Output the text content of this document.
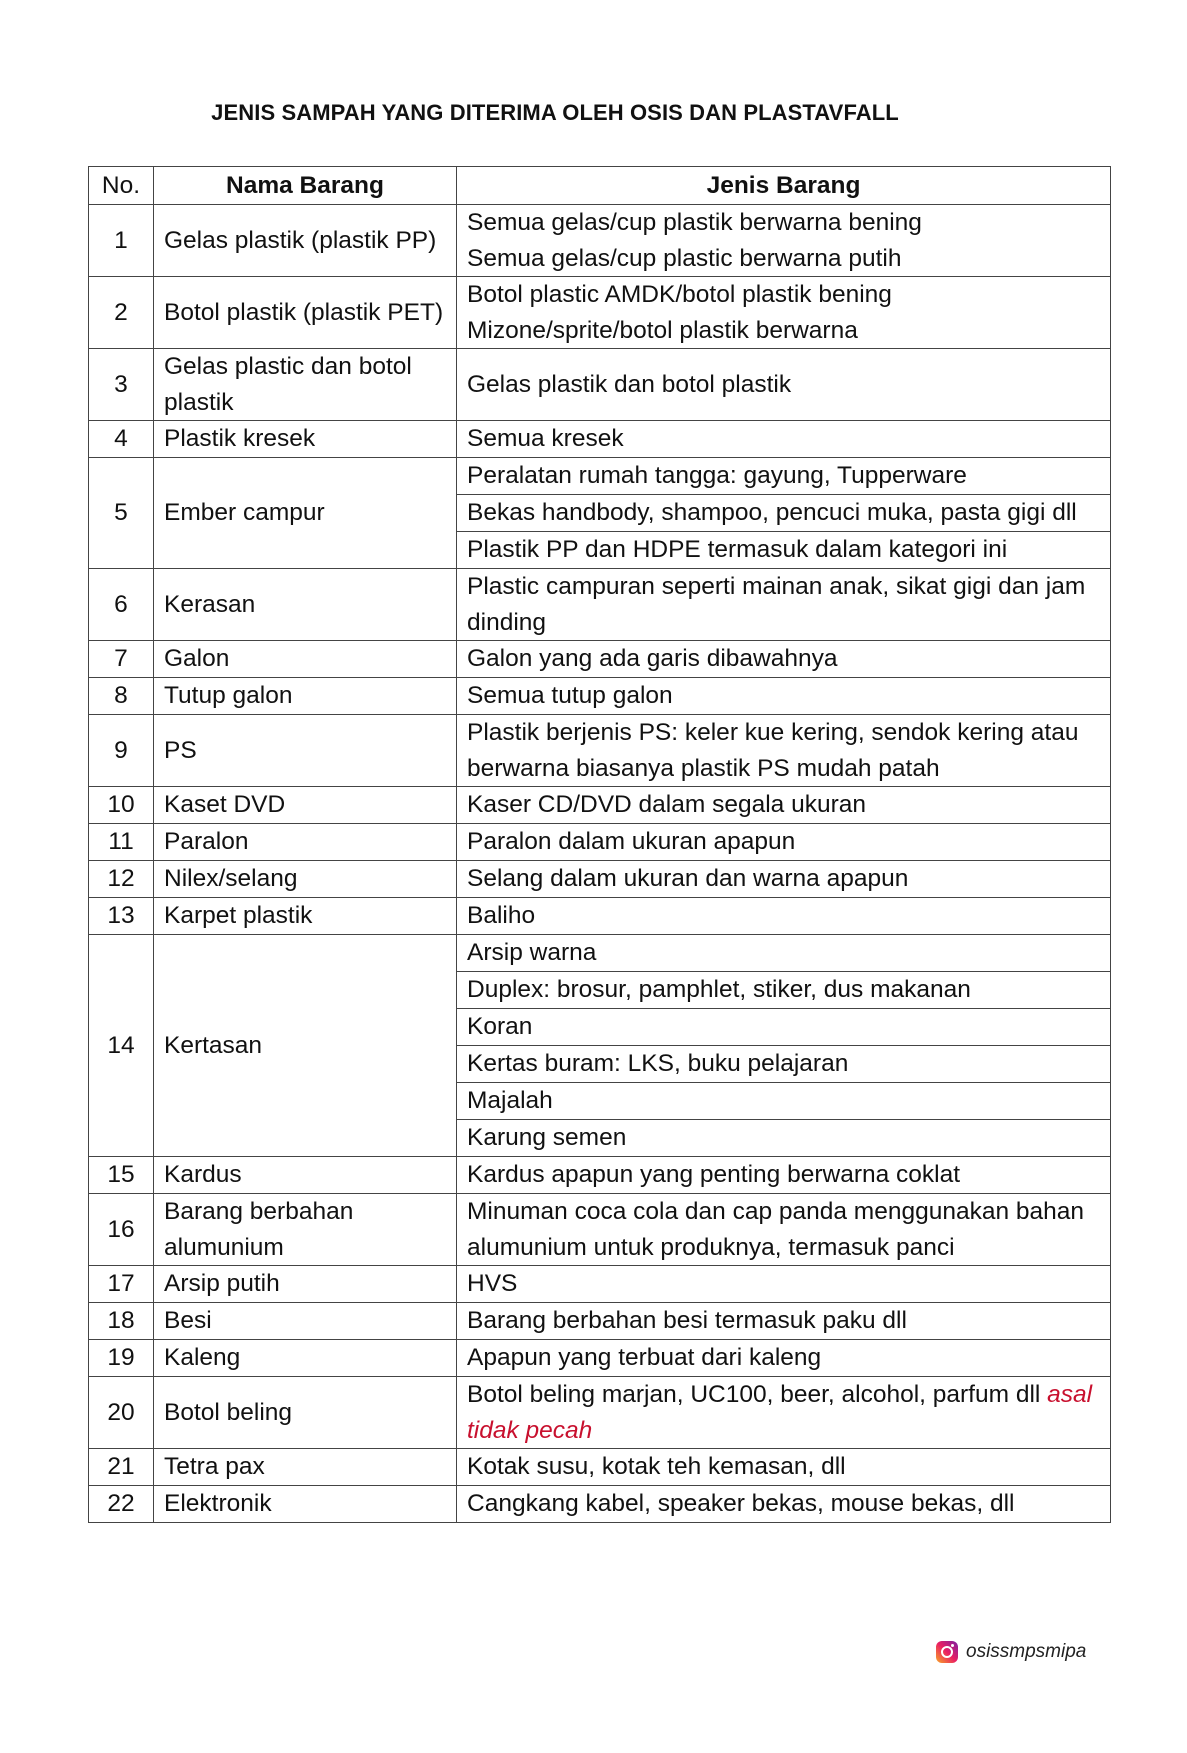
JENIS SAMPAH YANG DITERIMA OLEH OSIS DAN PLASTAVFALL
No.	Nama Barang	Jenis Barang
1	Gelas plastik (plastik PP)	Semua gelas/cup plastik berwarna bening
Semua gelas/cup plastic berwarna putih
2	Botol plastik (plastik PET)	Botol plastic AMDK/botol plastik bening
Mizone/sprite/botol plastik berwarna
3	Gelas plastic dan botol plastik	Gelas plastik dan botol plastik
4	Plastik kresek	Semua kresek
5	Ember campur	Peralatan rumah tangga: gayung, Tupperware
		Bekas handbody, shampoo, pencuci muka, pasta gigi dll
		Plastik PP dan HDPE termasuk dalam kategori ini
6	Kerasan	Plastic campuran seperti mainan anak, sikat gigi dan jam dinding
7	Galon	Galon yang ada garis dibawahnya
8	Tutup galon	Semua tutup galon
9	PS	Plastik berjenis PS: keler kue kering, sendok kering atau berwarna biasanya plastik PS mudah patah
10	Kaset DVD	Kaser CD/DVD dalam segala ukuran
11	Paralon	Paralon dalam ukuran apapun
12	Nilex/selang	Selang dalam ukuran dan warna apapun
13	Karpet plastik	Baliho
14	Kertasan	Arsip warna
		Duplex: brosur, pamphlet, stiker, dus makanan
		Koran
		Kertas buram: LKS, buku pelajaran
		Majalah
		Karung semen
15	Kardus	Kardus apapun yang penting berwarna coklat
16	Barang berbahan alumunium	Minuman coca cola dan cap panda menggunakan bahan alumunium untuk produknya, termasuk panci
17	Arsip putih	HVS
18	Besi	Barang berbahan besi termasuk paku dll
19	Kaleng	Apapun yang terbuat dari kaleng
20	Botol beling	Botol beling marjan, UC100, beer, alcohol, parfum dll asal tidak pecah
21	Tetra pax	Kotak susu, kotak teh kemasan, dll
22	Elektronik	Cangkang kabel, speaker bekas, mouse bekas, dll
osissmpsmipa
